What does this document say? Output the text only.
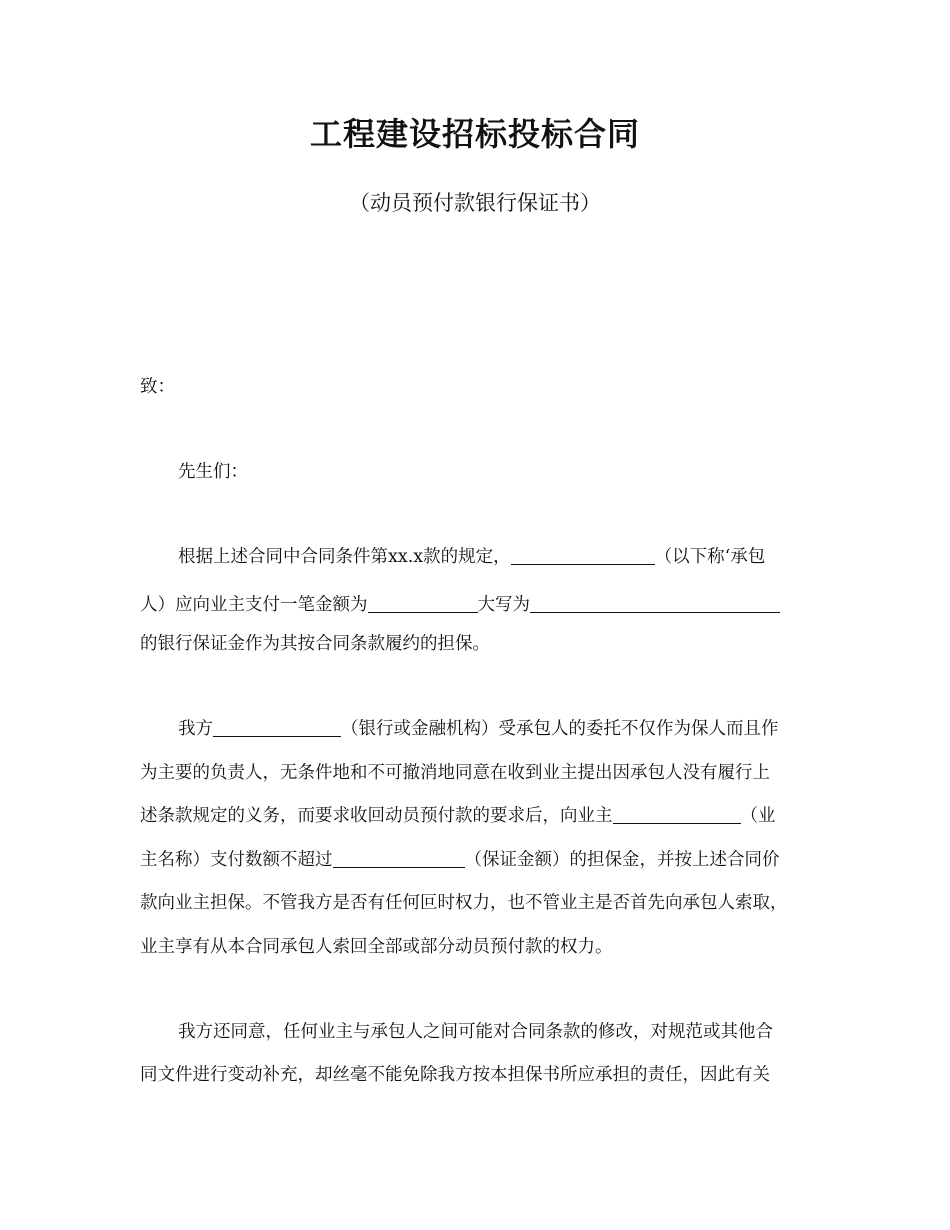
工程建设招标投标合同
（动员预付款银行保证书）
致：
先生们：
根据上述合同中合同条件第xx.x款的规定，	（以下称‘承包
人）应向业主支付一笔金额为	大写为
的银行保证金作为其按合同条款履约的担保。
我方	（银行或金融机构）受承包人的委托不仅作为保人而且作
为主要的负责人，无条件地和不可撤消地同意在收到业主提出因承包人没有履行上
述条款规定的义务，而要求收回动员预付款的要求后，向业主	（业
主名称）支付数额不超过	（保证金额）的担保金，并按上述合同价
款向业主担保。不管我方是否有任何叵时权力，也不管业主是否首先向承包人索取，
业主享有从本合同承包人索回全部或部分动员预付款的权力。
我方还同意，任何业主与承包人之间可能对合同条款的修改，对规范或其他合
同文件进行变动补充，却丝毫不能免除我方按本担保书所应承担的责任，因此有关
